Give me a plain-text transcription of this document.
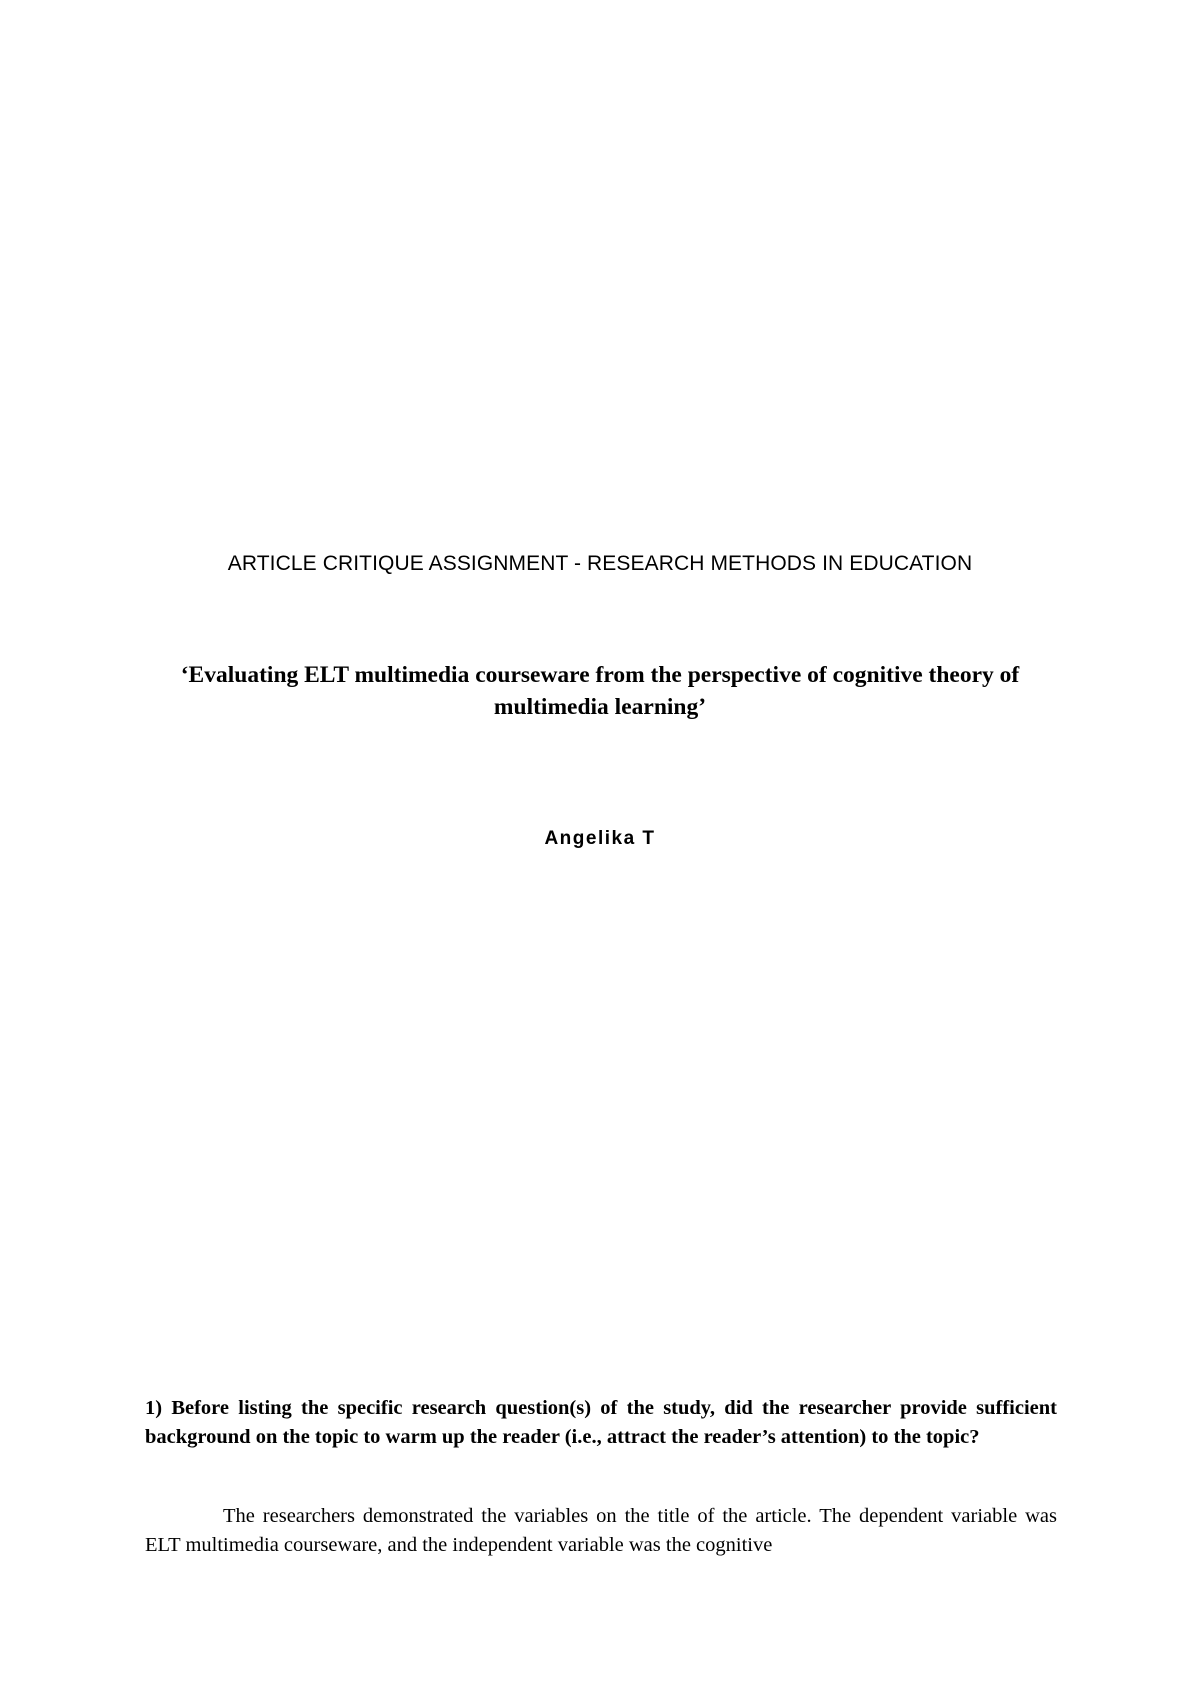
ARTICLE CRITIQUE ASSIGNMENT - RESEARCH METHODS IN EDUCATION
‘Evaluating ELT multimedia courseware from the perspective of cognitive theory of multimedia learning’
Angelika T

1) Before listing the specific research question(s) of the study, did the researcher provide sufficient background on the topic to warm up the reader (i.e., attract the reader’s attention) to the topic?

The researchers demonstrated the variables on the title of the article. The dependent variable was ELT multimedia courseware, and the independent variable was the cognitive
